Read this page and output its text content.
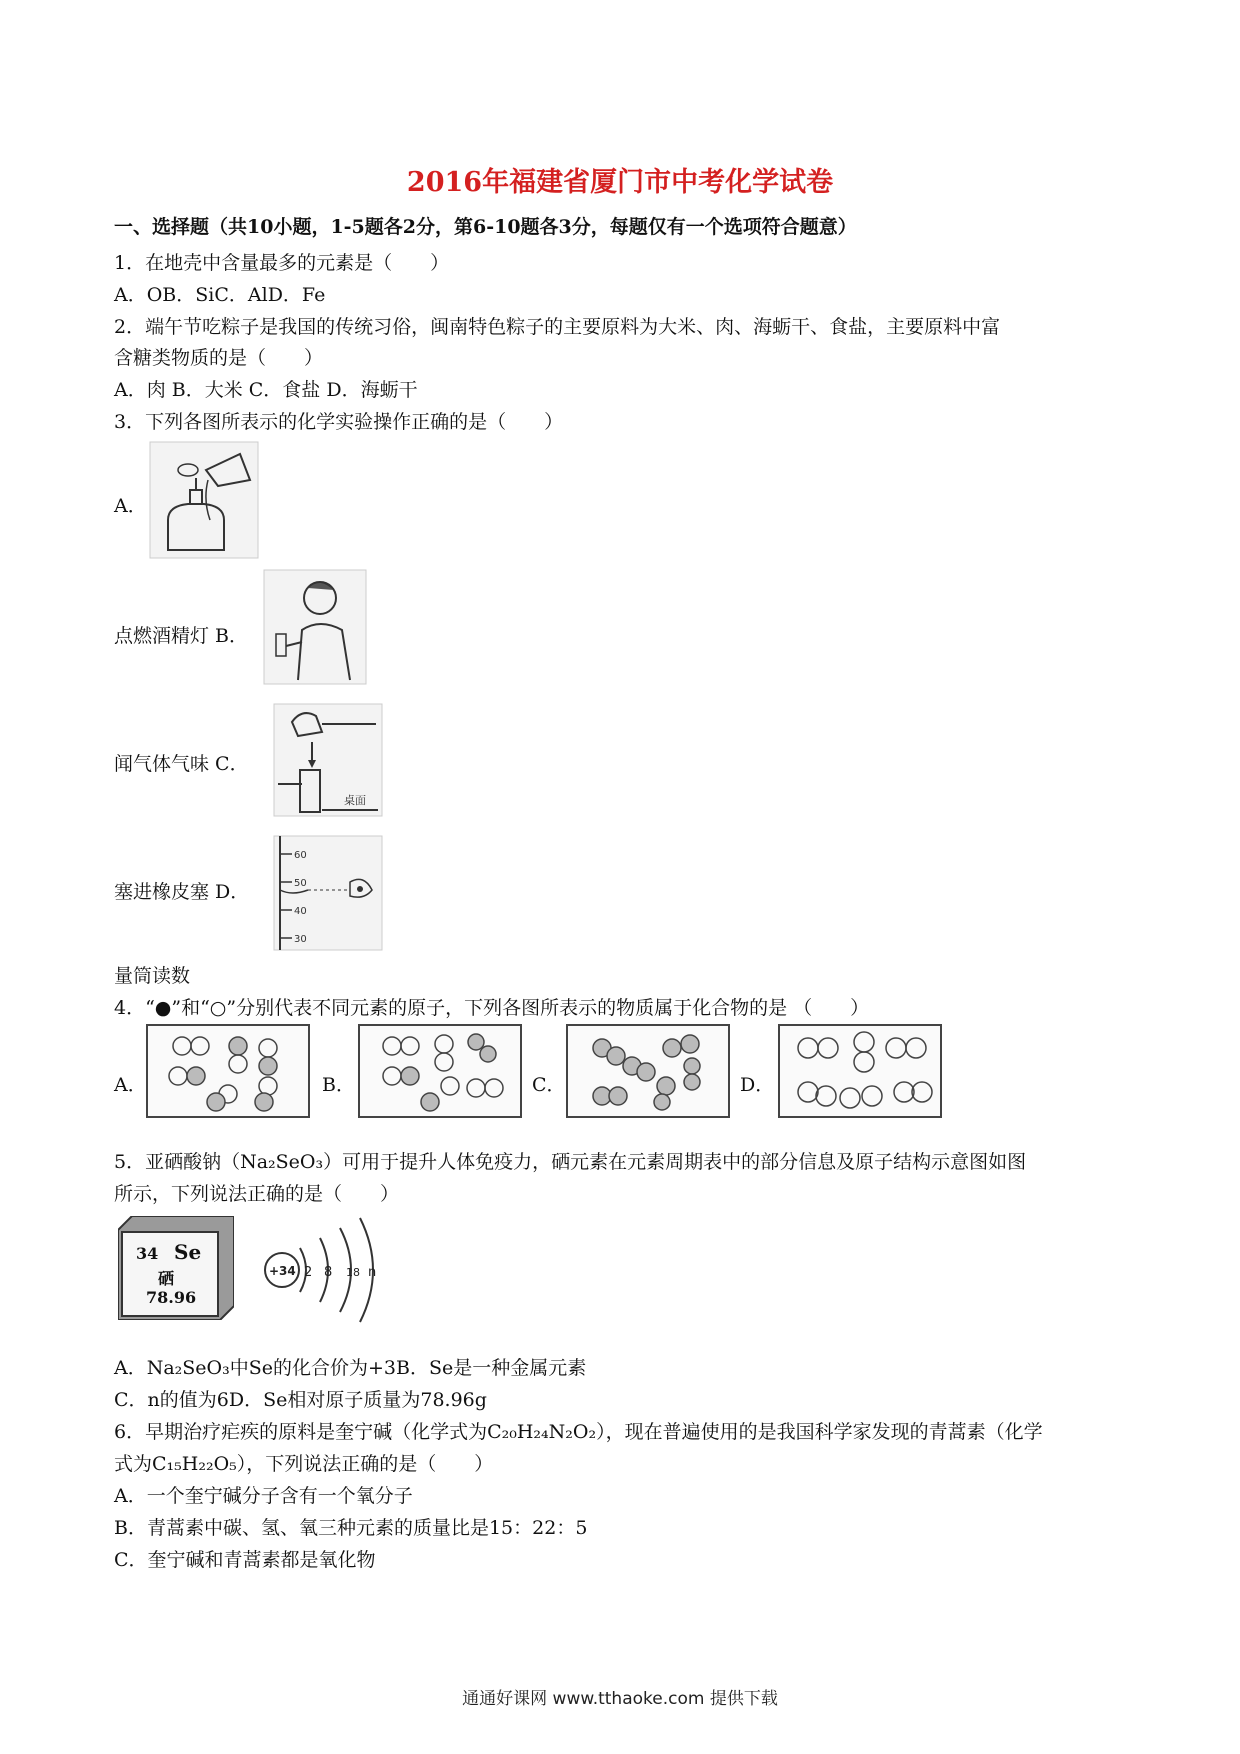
2016年福建省厦门市中考化学试卷
一、选择题（共10小题，1-5题各2分，第6-10题各3分，每题仅有一个选项符合题意）
1．在地壳中含量最多的元素是（　　）
A．OB．SiC．AlD．Fe
2．端午节吃粽子是我国的传统习俗，闽南特色粽子的主要原料为大米、肉、海蛎干、食盐，主要原料中富
含糖类物质的是（　　）
A．肉 B．大米 C．食盐 D．海蛎干
3．下列各图所表示的化学实验操作正确的是（　　）
A．
点燃酒精灯 B．
闻气体气味 C．
桌面
塞进橡皮塞 D．
60
50
40
30
量筒读数
4．“●”和“○”分别代表不同元素的原子，下列各图所表示的物质属于化合物的是 （　　）
A．	B．	C．	D．
5．亚硒酸钠（Na₂SeO₃）可用于提升人体免疫力，硒元素在元素周期表中的部分信息及原子结构示意图如图
所示，下列说法正确的是（　　）
34 Se
硒
78.96
+34 2 8 18 n
A．Na₂SeO₃中Se的化合价为+3B．Se是一种金属元素
C．n的值为6D．Se相对原子质量为78.96g
6．早期治疗疟疾的原料是奎宁碱（化学式为C₂₀H₂₄N₂O₂），现在普遍使用的是我国科学家发现的青蒿素（化学
式为C₁₅H₂₂O₅），下列说法正确的是（　　）
A．一个奎宁碱分子含有一个氧分子
B．青蒿素中碳、氢、氧三种元素的质量比是15：22：5
C．奎宁碱和青蒿素都是氧化物
通通好课网 www.tthaoke.com 提供下载
